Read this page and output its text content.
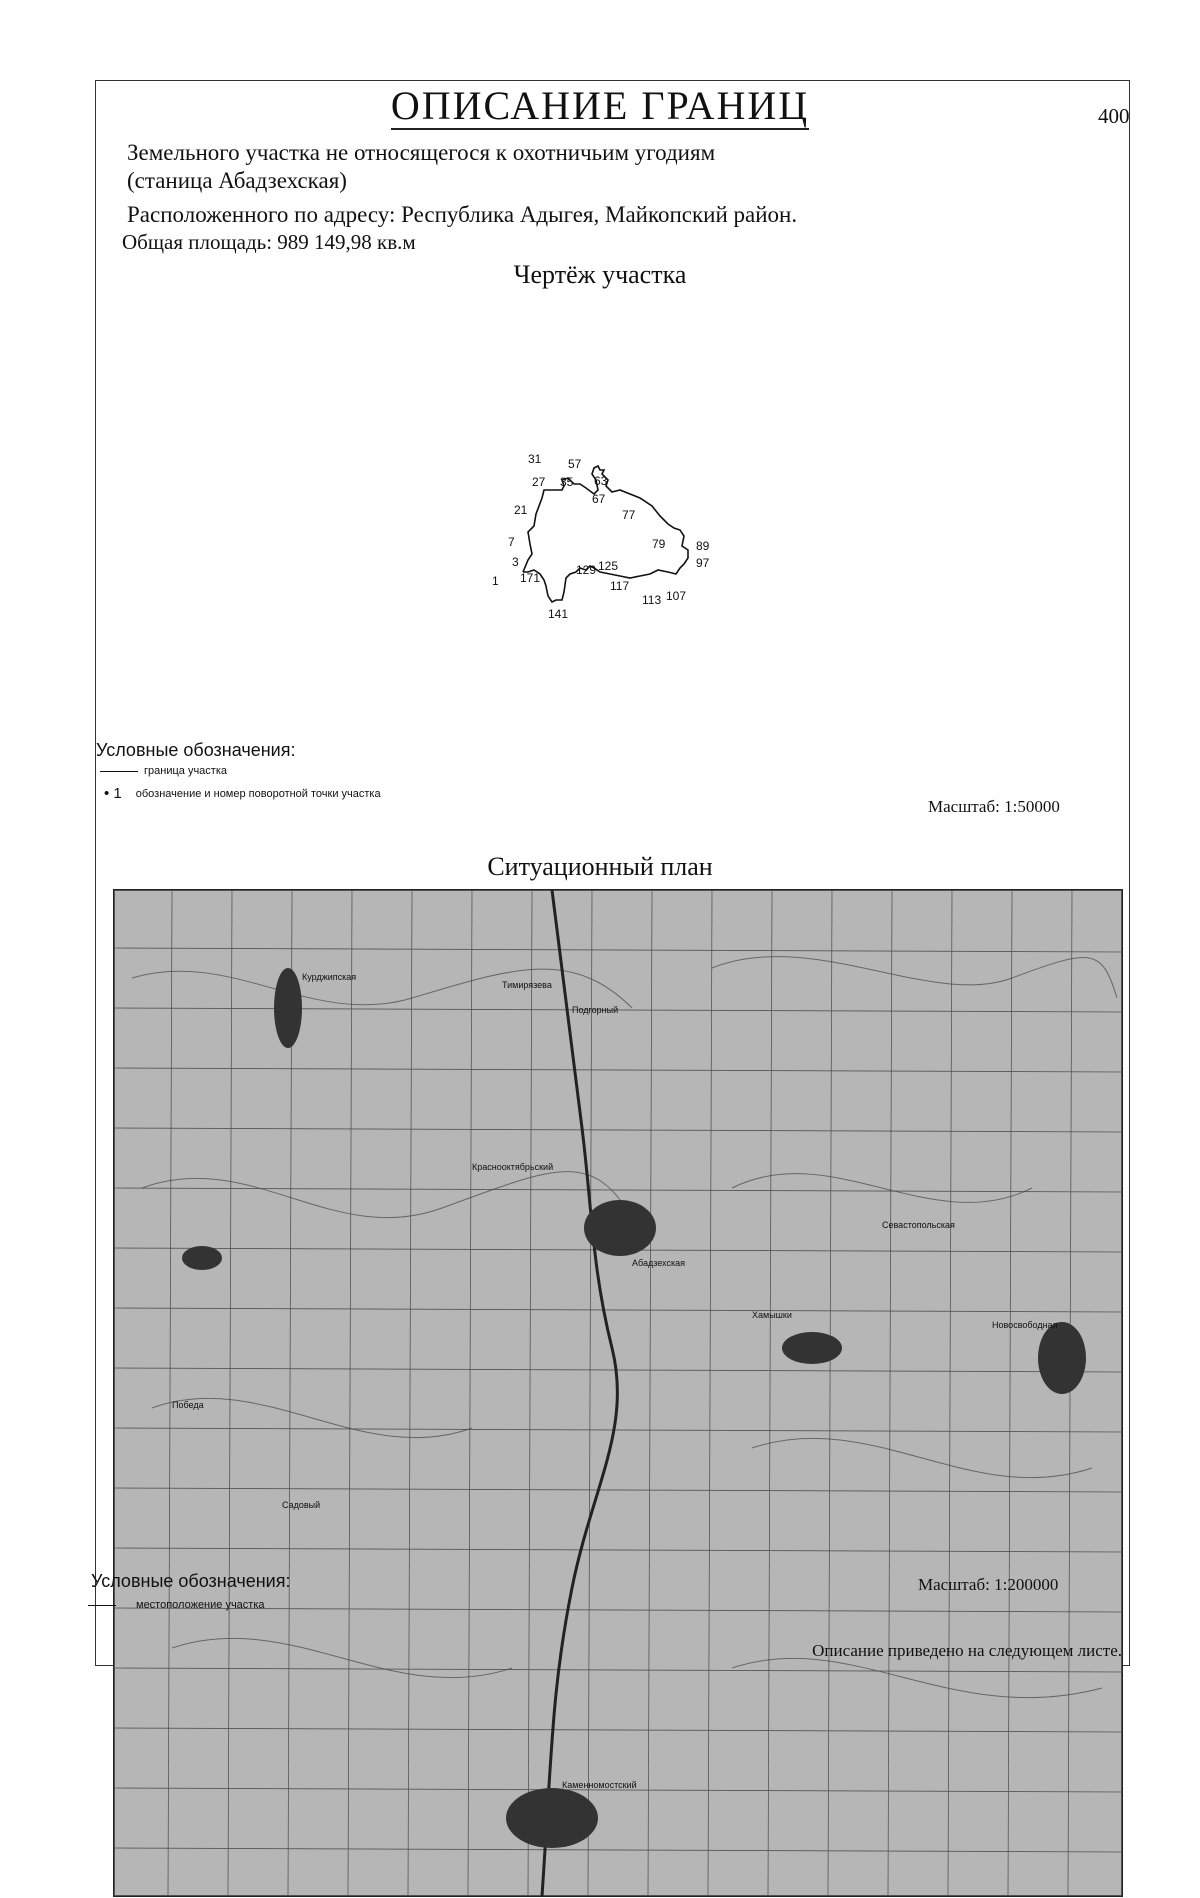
ОПИСАНИЕ ГРАНИЦ	400
Земельного участка не относящегося к охотничьим угодиям
(станица Абадзехская)
Расположенного по адресу: Республика Адыгея, Майкопский район.
Общая площадь: 989 149,98 кв.м
Чертёж участка
31 57
27 35 63
67
21	77
7	79	89
3	97
1 171
129 125
117
113 107
141
Условные обозначения:
граница участка
• 1 обозначение и номер поворотной точки участка
Масштаб: 1:50000
Ситуационный план
Курджипская
Тимирязева
Подгорный
Краснооктябрьский
Абадзехская
Севастопольская
Новосвободная
Хамышки
Победа
Садовый
Каменномостский
Условные обозначения:
местоположение участка
Масштаб: 1:200000
Описание приведено на следующем листе.
